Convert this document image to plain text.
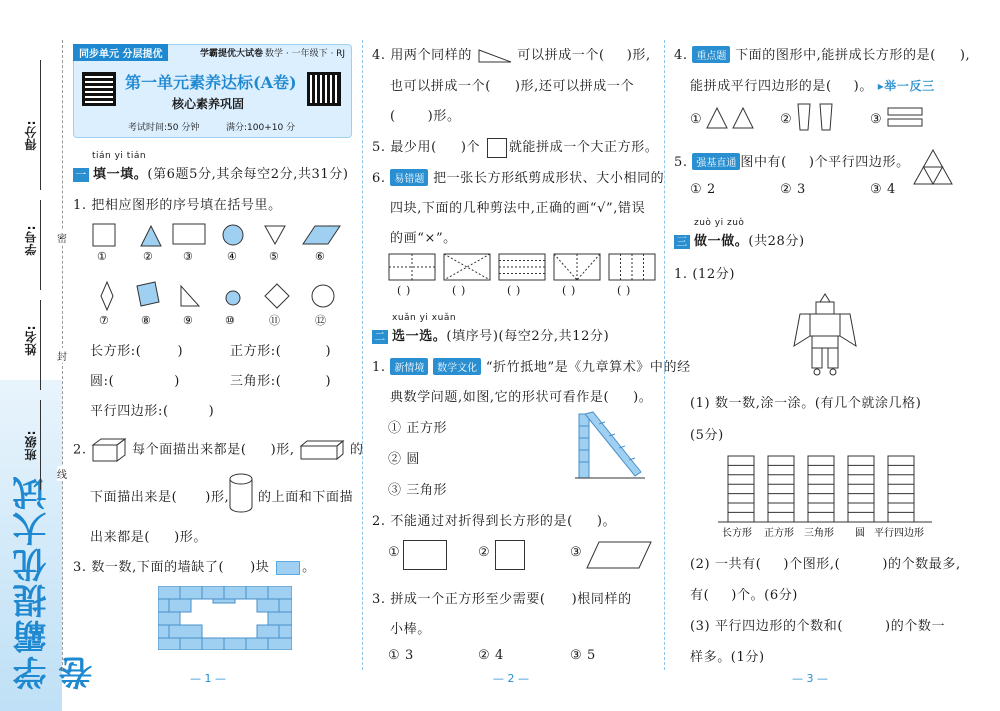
学霸提优大试卷
得分:
学号:
姓名:
班级:
密
封
线
同步单元 分层提优	学霸提优大试卷 数学 · 一年级下 · RJ
第一单元素养达标(A卷)
核心素养巩固
考试时间:50 分钟	满分:100+10 分
tián yi tián
一 填一填。(第6题5分,其余每空2分,共31分)
1. 把相应图形的序号填在括号里。
①	②	③	④	⑤	⑥
⑦	⑧	⑨	⑩	⑪	⑫
长方形:(	)	正方形:(	)
圆:(	)	三角形:(	)
平行四边形:(	)
2.	每个面描出来都是( )形,	的
下面描出来是( )形, 的上面和下面描
出来都是( )形。
3. 数一数,下面的墙缺了( )块	。
— 1 —
4. 用两个同样的	可以拼成一个( )形,
也可以拼成一个( )形,还可以拼成一个
( )形。
5. 最少用( )个 就能拼成一个大正方形。
6. 易错题 把一张长方形纸剪成形状、大小相同的
四块,下面的几种剪法中,正确的画“√”,错误
的画“×”。
( )	( )	( )	( )	( )
xuǎn yi xuǎn
二 选一选。(填序号)(每空2分,共12分)
1. 新情境 数学文化 “折竹抵地”是《九章算术》中的经
典数学问题,如图,它的形状可看作是( )。
① 正方形
② 圆
③ 三角形
2. 不能通过对折得到长方形的是( )。
①	②	③
3. 拼成一个正方形至少需要( )根同样的
小棒。
① 3	② 4	③ 5
— 2 —
4. 重点题 下面的图形中,能拼成长方形的是( ),
能拼成平行四边形的是( )。 ▸举一反三
①	②	③
5. 强基直通 图中有( )个平行四边形。
① 2	② 3	③ 4
zuò yi zuò
三 做一做。(共28分)
1. (12分)
(1) 数一数,涂一涂。(有几个就涂几格)
(5分)
长方形 正方形 三角形 圆 平行四边形
(2) 一共有( )个图形,(	)的个数最多,
有( )个。(6分)
(3) 平行四边形的个数和(	)的个数一
样多。(1分)
— 3 —
